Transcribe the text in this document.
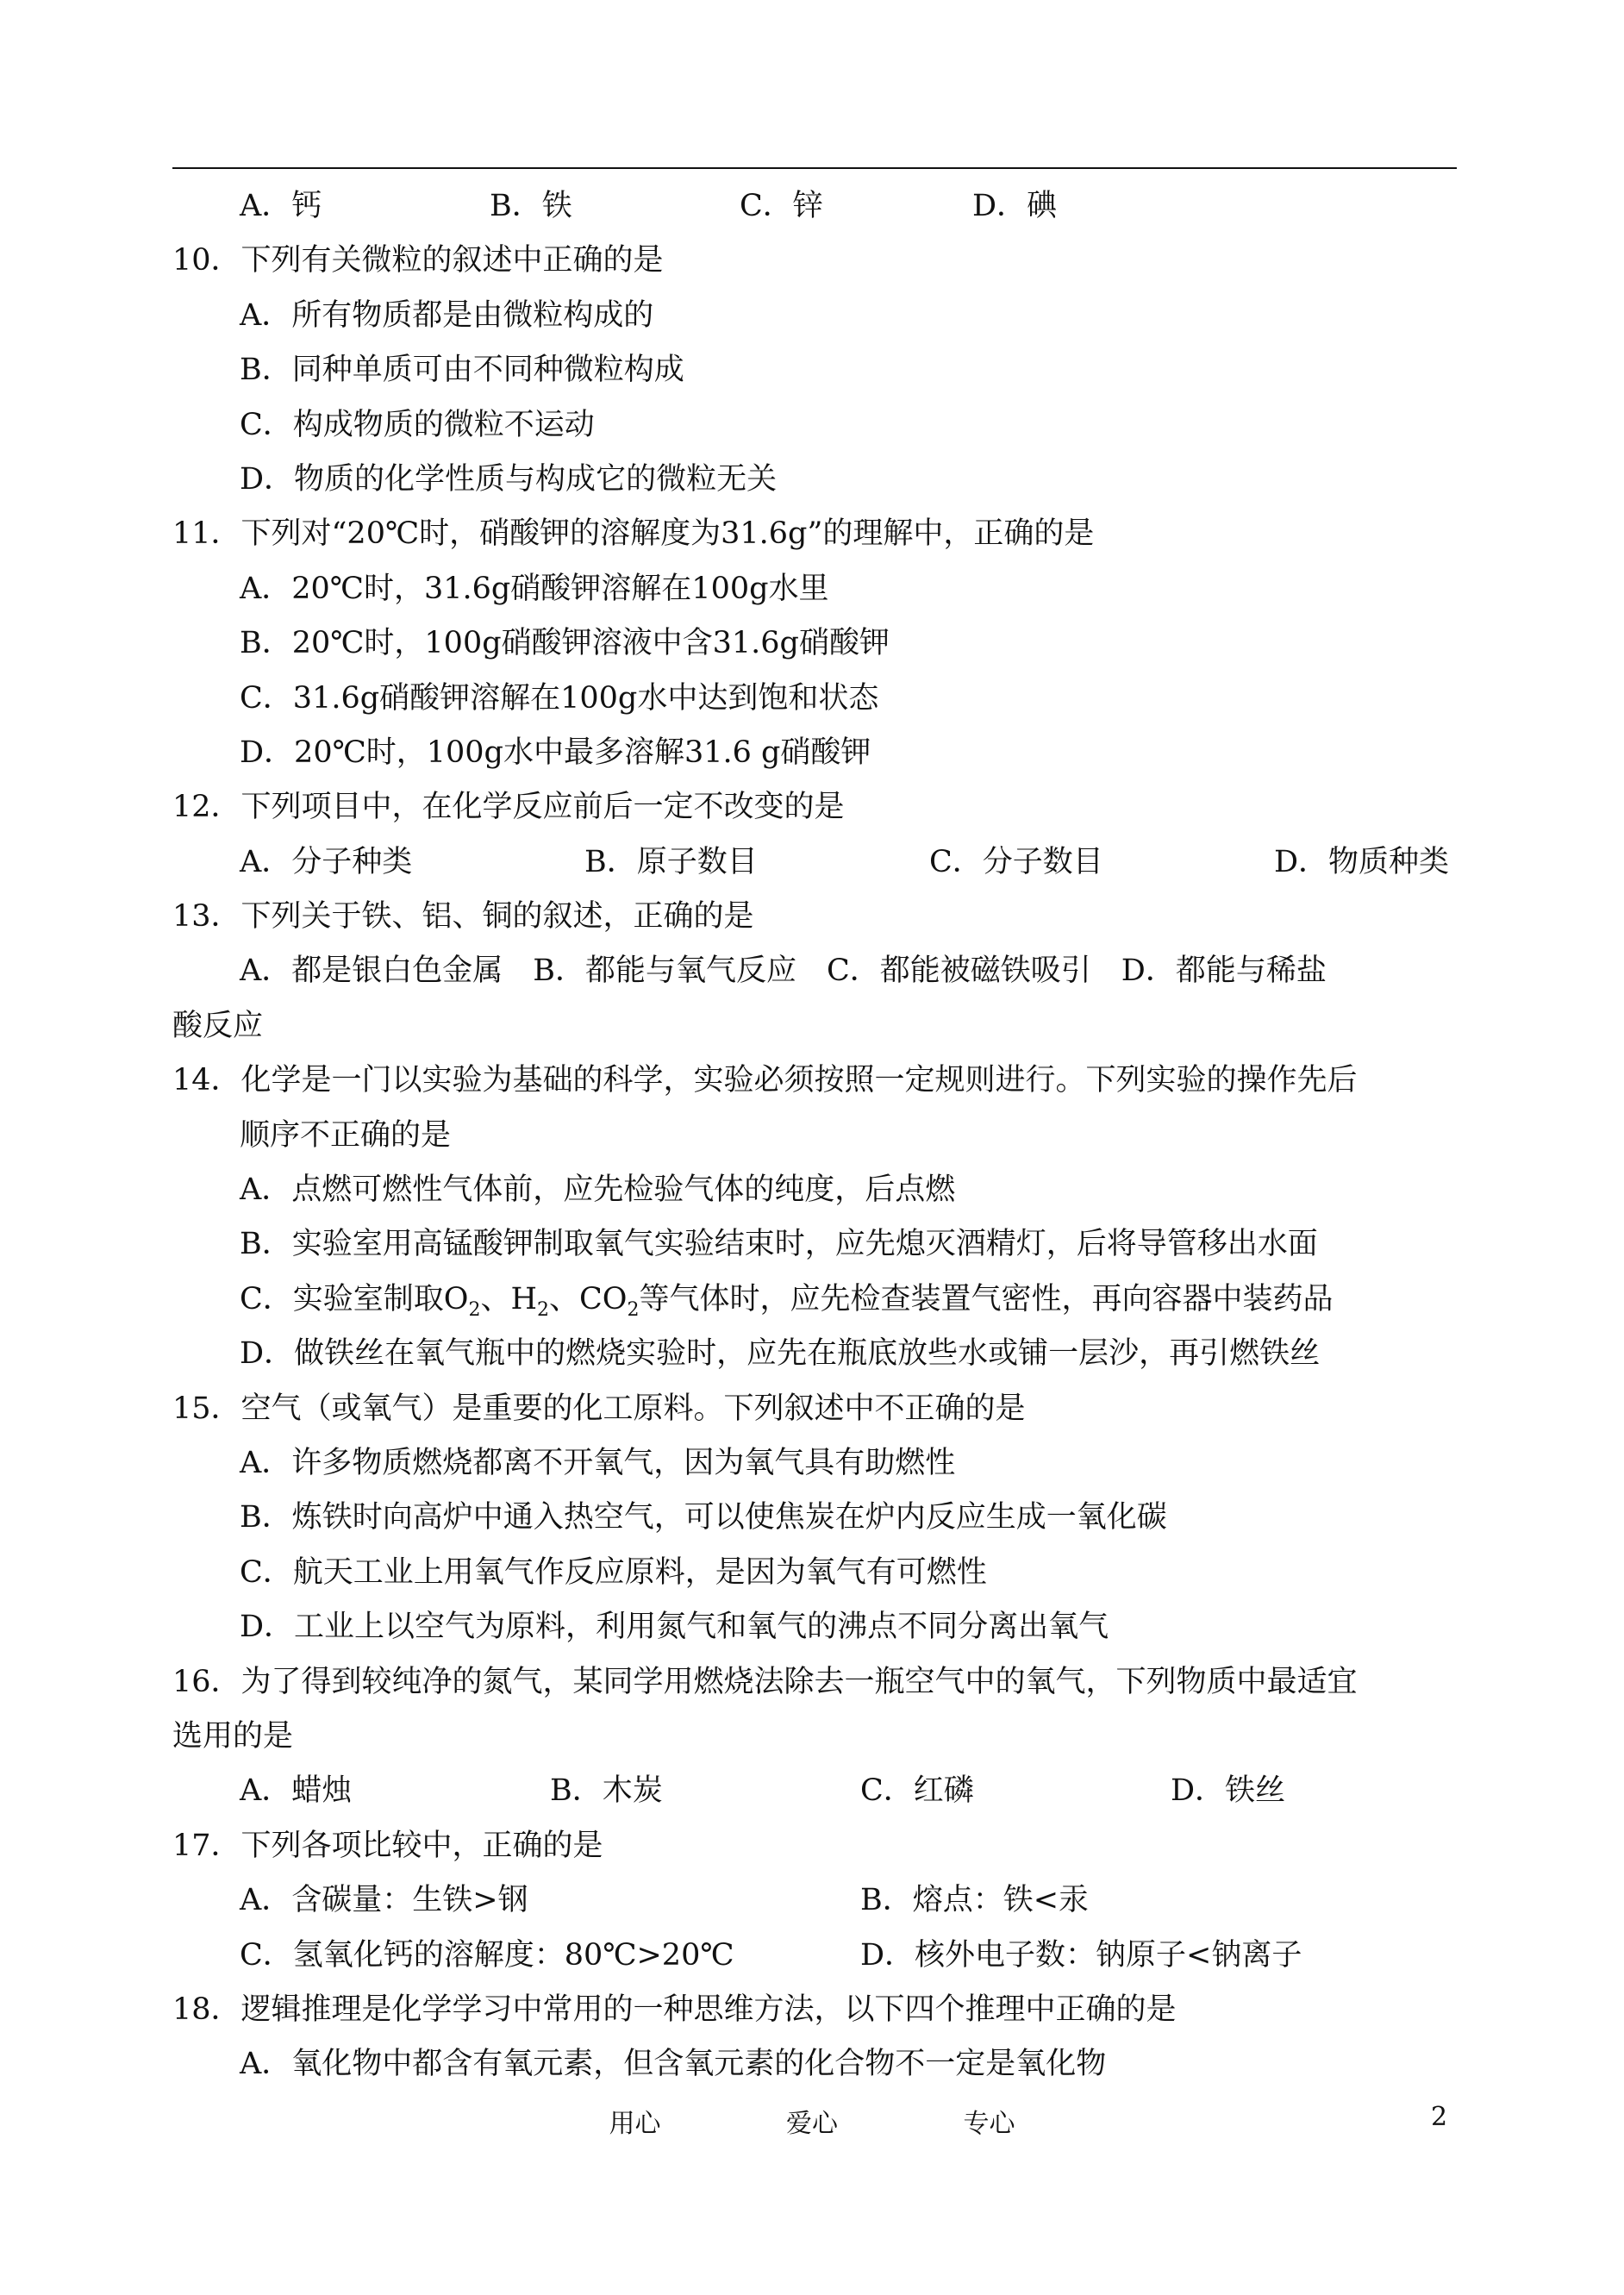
A．钙	B．铁	C．锌	D．碘
10．下列有关微粒的叙述中正确的是
A．所有物质都是由微粒构成的
B．同种单质可由不同种微粒构成
C．构成物质的微粒不运动
D．物质的化学性质与构成它的微粒无关
11．下列对“20℃时，硝酸钾的溶解度为31.6g”的理解中，正确的是
A．20℃时，31.6g硝酸钾溶解在100g水里
B．20℃时，100g硝酸钾溶液中含31.6g硝酸钾
C．31.6g硝酸钾溶解在100g水中达到饱和状态
D．20℃时，100g水中最多溶解31.6 g硝酸钾
12．下列项目中，在化学反应前后一定不改变的是
A．分子种类	B．原子数目	C．分子数目	D．物质种类
13．下列关于铁、铝、铜的叙述，正确的是
A．都是银白色金属　B．都能与氧气反应　C．都能被磁铁吸引　D．都能与稀盐
酸反应
14．化学是一门以实验为基础的科学，实验必须按照一定规则进行。下列实验的操作先后
顺序不正确的是
A．点燃可燃性气体前，应先检验气体的纯度，后点燃
B．实验室用高锰酸钾制取氧气实验结束时，应先熄灭酒精灯，后将导管移出水面
C．实验室制取$O_2$、$H_2$、$CO_2$等气体时，应先检查装置气密性，再向容器中装药品
D．做铁丝在氧气瓶中的燃烧实验时，应先在瓶底放些水或铺一层沙，再引燃铁丝
15．空气（或氧气）是重要的化工原料。下列叙述中不正确的是
A．许多物质燃烧都离不开氧气，因为氧气具有助燃性
B．炼铁时向高炉中通入热空气，可以使焦炭在炉内反应生成一氧化碳
C．航天工业上用氧气作反应原料，是因为氧气有可燃性
D．工业上以空气为原料，利用氮气和氧气的沸点不同分离出氧气
16．为了得到较纯净的氮气，某同学用燃烧法除去一瓶空气中的氧气，下列物质中最适宜
选用的是
A．蜡烛	B．木炭	C．红磷	D．铁丝
17．下列各项比较中，正确的是
A．含碳量：生铁>钢	B．熔点：铁<汞
C．氢氧化钙的溶解度：80℃>20℃	D．核外电子数：钠原子<钠离子
18．逻辑推理是化学学习中常用的一种思维方法，以下四个推理中正确的是
A．氧化物中都含有氧元素，但含氧元素的化合物不一定是氧化物
用心	爱心	专心	2
